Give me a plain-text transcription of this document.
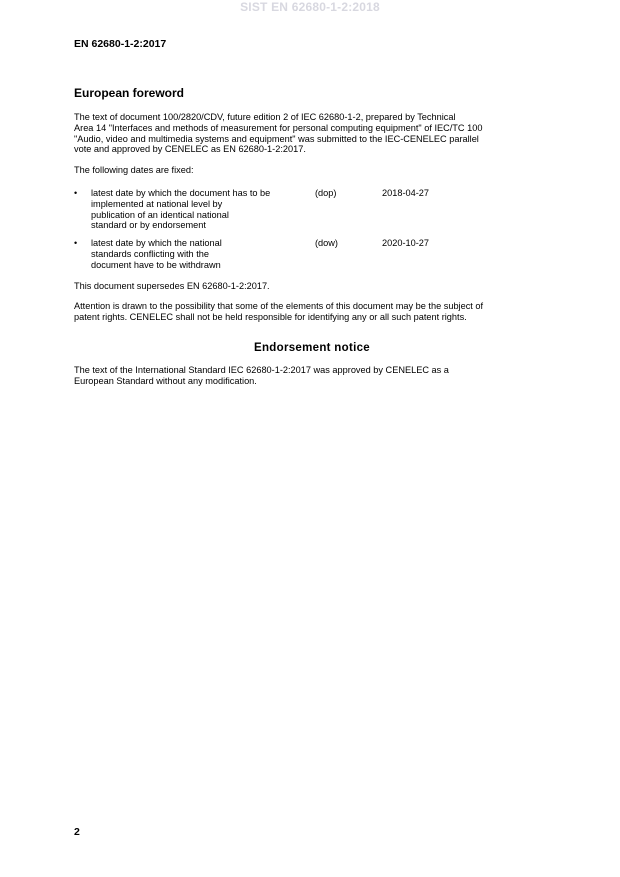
SIST EN 62680-1-2:2018
EN 62680-1-2:2017
European foreword
The text of document 100/2820/CDV, future edition 2 of IEC 62680-1-2, prepared by Technical
Area 14 "Interfaces and methods of measurement for personal computing equipment" of IEC/TC 100
"Audio, video and multimedia systems and equipment" was submitted to the IEC-CENELEC parallel
vote and approved by CENELEC as EN 62680-1-2:2017.
The following dates are fixed:
•	latest date by which the document has to be
implemented at national level by
publication of an identical national
standard or by endorsement
(dop)	2018-04-27
•	latest date by which the national
standards conflicting with the
document have to be withdrawn
(dow)	2020-10-27
This document supersedes EN 62680-1-2:2017.
Attention is drawn to the possibility that some of the elements of this document may be the subject of
patent rights. CENELEC shall not be held responsible for identifying any or all such patent rights.
Endorsement notice
The text of the International Standard IEC 62680-1-2:2017 was approved by CENELEC as a
European Standard without any modification.
2
